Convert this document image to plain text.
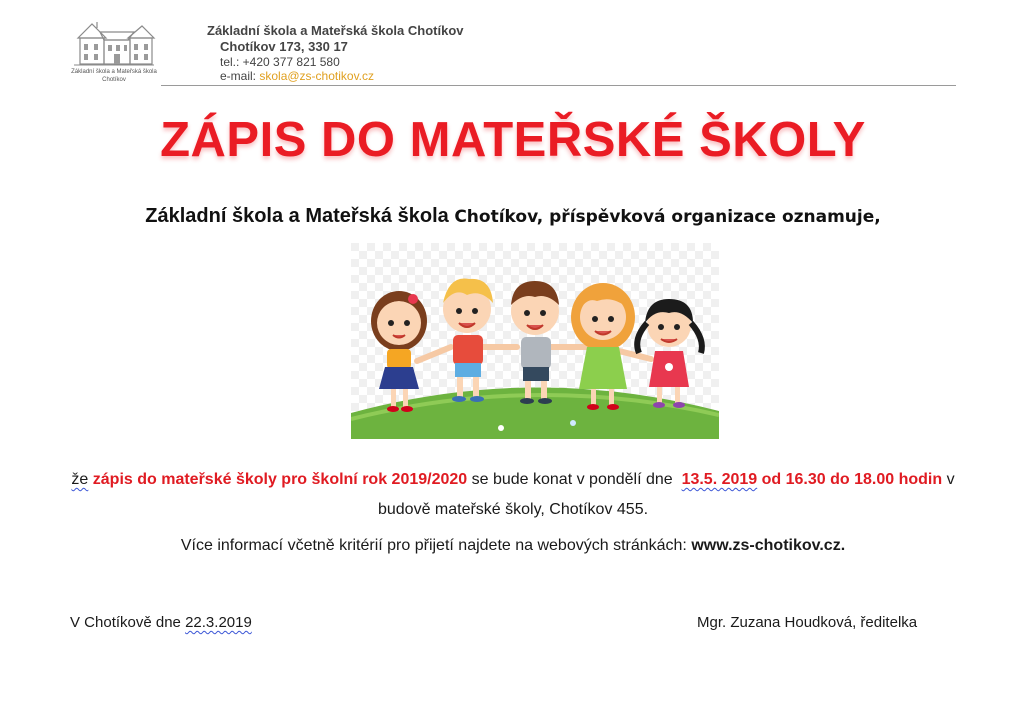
Základní škola a Mateřská škola
Chotíkov
Základní škola a Mateřská škola Chotíkov
Chotíkov 173, 330 17
tel.: +420 377 821 580
e-mail: skola@zs-chotikov.cz
ZÁPIS DO MATEŘSKÉ ŠKOLY
Základní škola a Mateřská škola Chotíkov, příspěvková organizace oznamuje,
že zápis do mateřské školy pro školní rok 2019/2020 se bude konat v pondělí dne 13.5. 2019 od 16.30 do 18.00 hodin v budově mateřské školy, Chotíkov 455.
Více informací včetně kritérií pro přijetí najdete na webových stránkách: www.zs-chotikov.cz.
V Chotíkově dne 22.3.2019	Mgr. Zuzana Houdková, ředitelka
